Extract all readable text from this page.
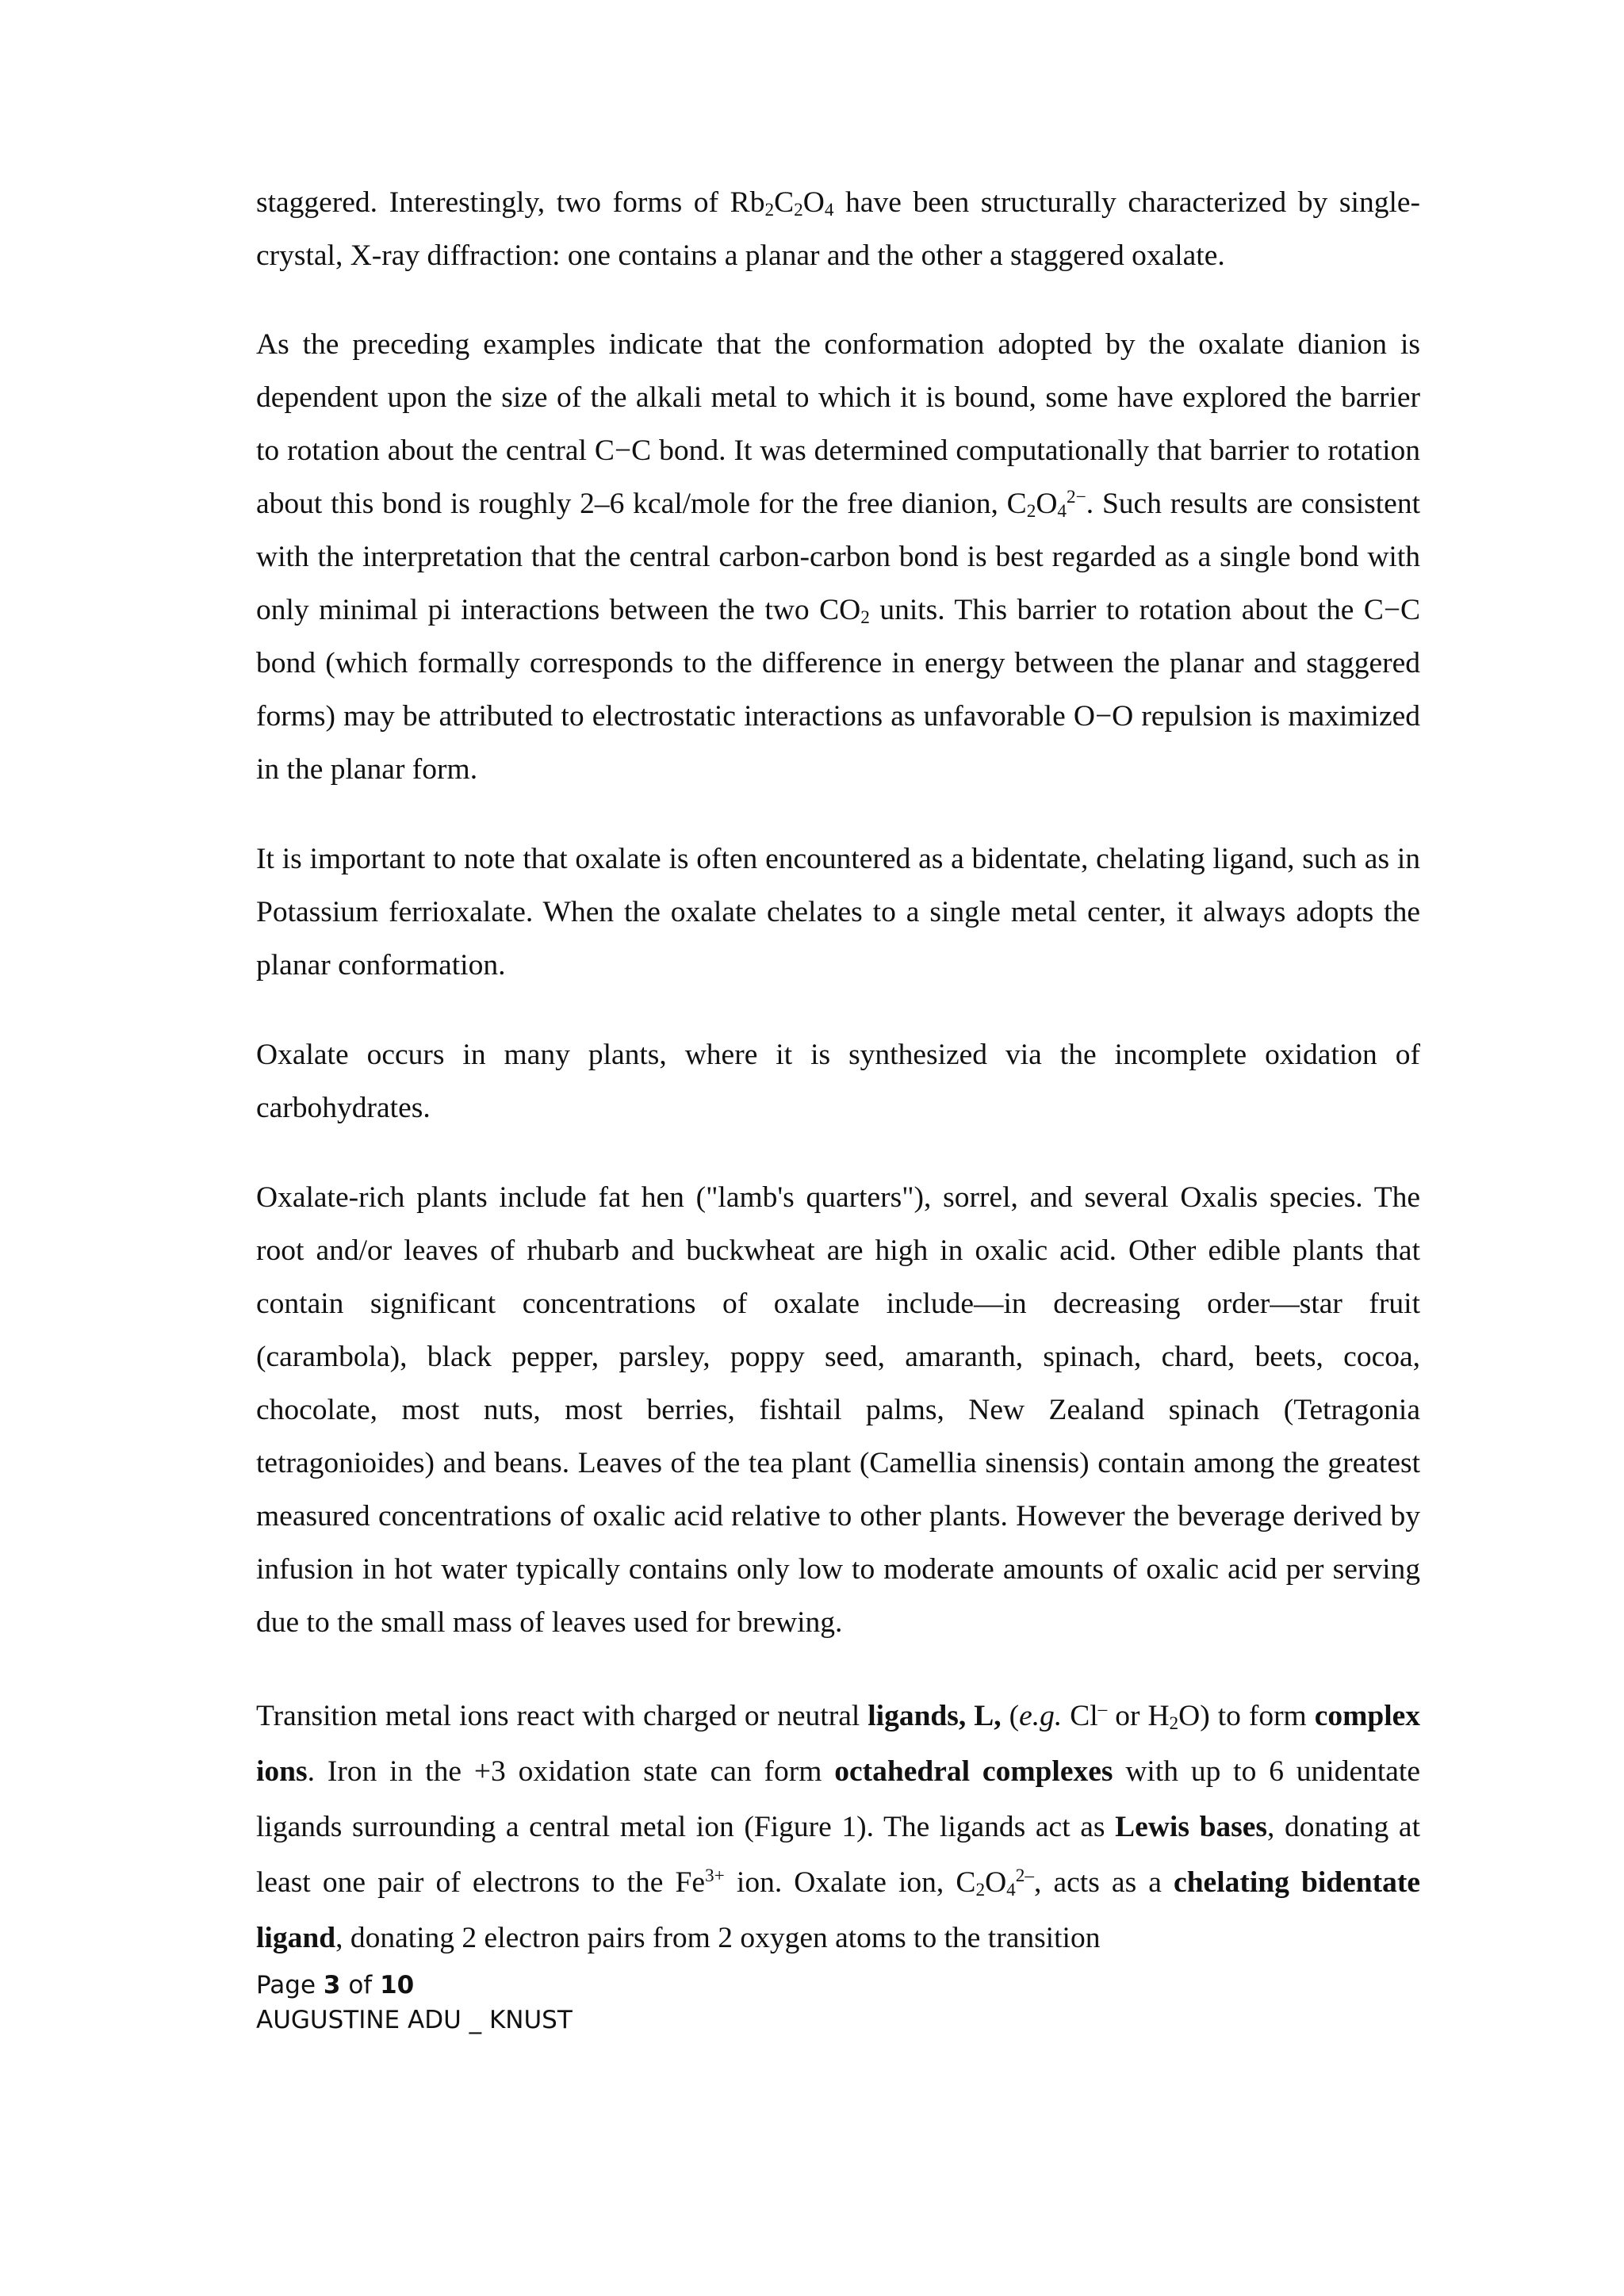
staggered. Interestingly, two forms of $Rb_2C_2O_4$ have been structurally characterized by single-crystal, X-ray diffraction: one contains a planar and the other a staggered oxalate.

As the preceding examples indicate that the conformation adopted by the oxalate dianion is dependent upon the size of the alkali metal to which it is bound, some have explored the barrier to rotation about the central C−C bond. It was determined computationally that barrier to rotation about this bond is roughly 2–6 kcal/mole for the free dianion, $C_2O_4^{2-}$. Such results are consistent with the interpretation that the central carbon-carbon bond is best regarded as a single bond with only minimal pi interactions between the two $CO_2$ units. This barrier to rotation about the C−C bond (which formally corresponds to the difference in energy between the planar and staggered forms) may be attributed to electrostatic interactions as unfavorable O−O repulsion is maximized in the planar form.

It is important to note that oxalate is often encountered as a bidentate, chelating ligand, such as in Potassium ferrioxalate. When the oxalate chelates to a single metal center, it always adopts the planar conformation.

Oxalate occurs in many plants, where it is synthesized via the incomplete oxidation of carbohydrates.

Oxalate-rich plants include fat hen ("lamb's quarters"), sorrel, and several Oxalis species. The root and/or leaves of rhubarb and buckwheat are high in oxalic acid. Other edible plants that contain significant concentrations of oxalate include—in decreasing order—star fruit (carambola), black pepper, parsley, poppy seed, amaranth, spinach, chard, beets, cocoa, chocolate, most nuts, most berries, fishtail palms, New Zealand spinach (Tetragonia tetragonioides) and beans. Leaves of the tea plant (Camellia sinensis) contain among the greatest measured concentrations of oxalic acid relative to other plants. However the beverage derived by infusion in hot water typically contains only low to moderate amounts of oxalic acid per serving due to the small mass of leaves used for brewing.

Transition metal ions react with charged or neutral ligands, L, (e.g. Cl– or $H_2O$) to form complex ions. Iron in the +3 oxidation state can form octahedral complexes with up to 6 unidentate ligands surrounding a central metal ion (Figure 1). The ligands act as Lewis bases, donating at least one pair of electrons to the $Fe^{3+}$ ion. Oxalate ion, $C_2O_4^{2-}$, acts as a chelating bidentate ligand, donating 2 electron pairs from 2 oxygen atoms to the transition

Page 3 of 10
AUGUSTINE ADU _ KNUST
